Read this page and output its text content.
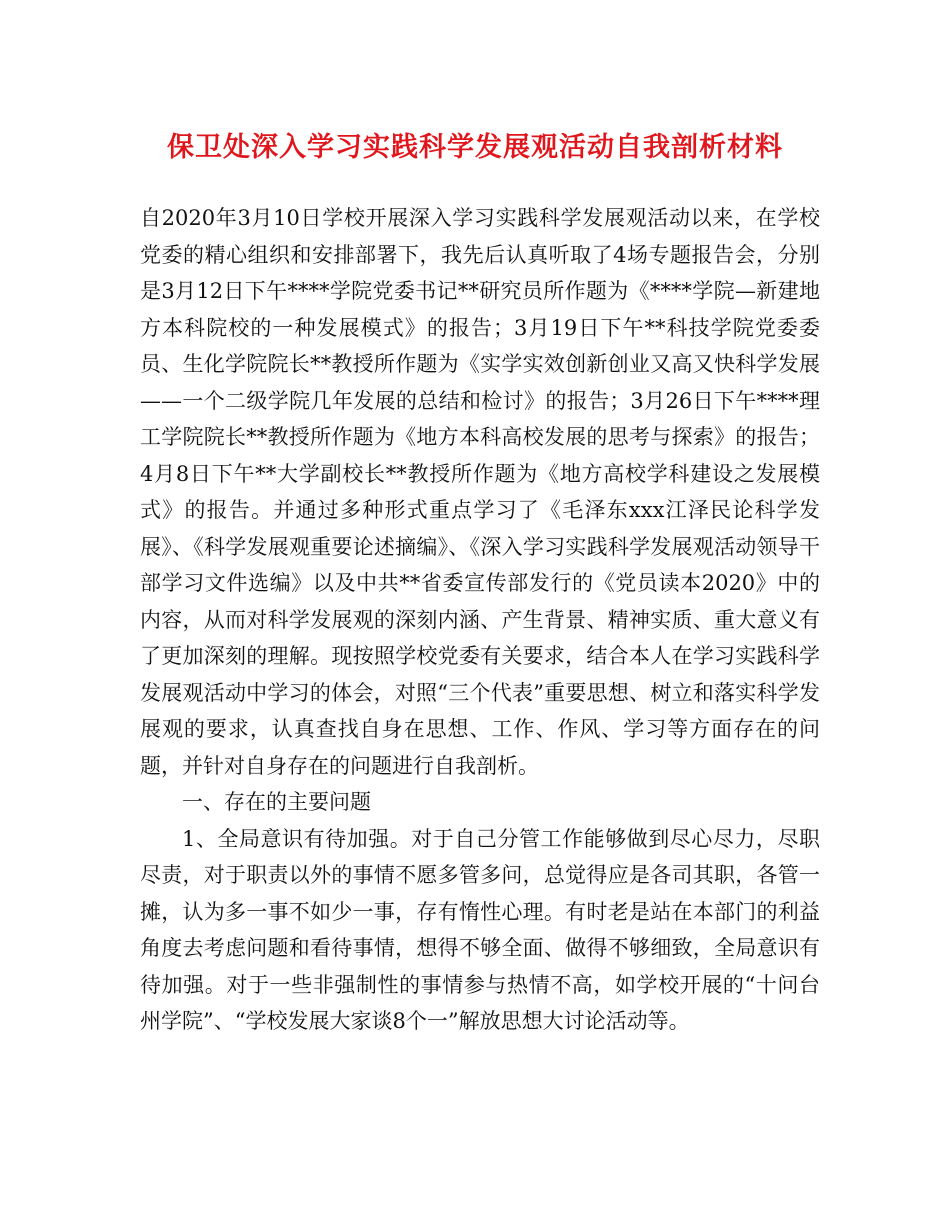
保卫处深入学习实践科学发展观活动自我剖析材料

自2020年3月10日学校开展深入学习实践科学发展观活动以来，在学校党委的精心组织和安排部署下，我先后认真听取了4场专题报告会，分别是3月12日下午****学院党委书记**研究员所作题为《****学院—新建地方本科院校的一种发展模式》的报告；3月19日下午**科技学院党委委员、生化学院院长**教授所作题为《实学实效创新创业又高又快科学发展——一个二级学院几年发展的总结和检讨》的报告；3月26日下午****理工学院院长**教授所作题为《地方本科高校发展的思考与探索》的报告；4月8日下午**大学副校长**教授所作题为《地方高校学科建设之发展模式》的报告。并通过多种形式重点学习了《毛泽东xxx江泽民论科学发展》、《科学发展观重要论述摘编》、《深入学习实践科学发展观活动领导干部学习文件选编》以及中共**省委宣传部发行的《党员读本2020》中的内容，从而对科学发展观的深刻内涵、产生背景、精神实质、重大意义有了更加深刻的理解。现按照学校党委有关要求，结合本人在学习实践科学发展观活动中学习的体会，对照“三个代表”重要思想、树立和落实科学发展观的要求，认真查找自身在思想、工作、作风、学习等方面存在的问题，并针对自身存在的问题进行自我剖析。

一、存在的主要问题

1、全局意识有待加强。对于自己分管工作能够做到尽心尽力，尽职尽责，对于职责以外的事情不愿多管多问，总觉得应是各司其职，各管一摊，认为多一事不如少一事，存有惰性心理。有时老是站在本部门的利益角度去考虑问题和看待事情，想得不够全面、做得不够细致，全局意识有待加强。对于一些非强制性的事情参与热情不高，如学校开展的“十问台州学院”、“学校发展大家谈8个一”解放思想大讨论活动等。
